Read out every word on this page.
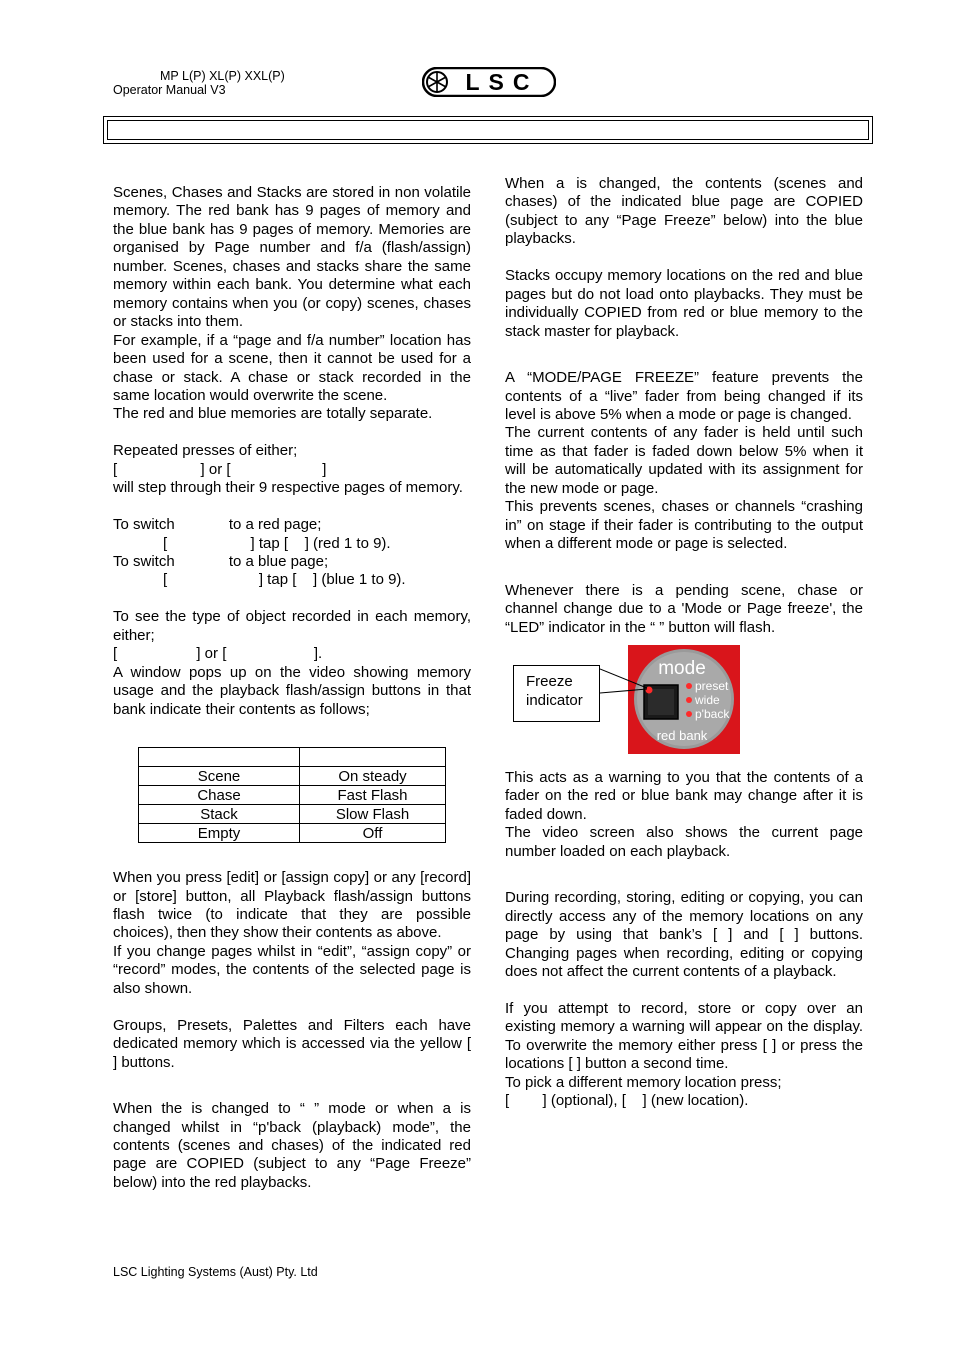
MP L(P) XL(P) XXL(P)
Operator Manual V3	LSC

Scenes, Chases and Stacks are stored in non volatile memory. The red bank has 9 pages of memory and the blue bank has 9 pages of memory. Memories are organised by Page number and f/a (flash/assign) number. Scenes, chases and stacks share the same memory within each bank. You determine what each memory contains when you (or copy) scenes, chases or stacks into them.

For example, if a “page and f/a number” location has been used for a scene, then it cannot be used for a chase or stack. A chase or stack recorded in the same location would overwrite the scene.

The red and blue memories are totally separate.

Repeated presses of either;

[                    ] or [                      ]

will step through their 9 respective pages of memory.

To switch             to a red page;

[                    ] tap [    ] (red 1 to 9).

To switch             to a blue page;

[                      ] tap [    ] (blue 1 to 9).

To see the type of object recorded in each memory, either;

[                   ] or [                     ].

A window pops up on the video showing memory usage and the playback flash/assign buttons in that bank indicate their contents as follows;

Scene	On steady
Chase	Fast Flash
Stack	Slow Flash
Empty	Off

When you press [edit] or [assign copy] or any [record] or [store] button, all Playback flash/assign buttons flash twice (to indicate that they are possible choices), then they show their contents as above.

If you change pages whilst in “edit”, “assign copy” or “record” modes, the contents of the selected page is also shown.

Groups, Presets, Palettes and Filters each have dedicated memory which is accessed via the yellow [ ] buttons.

When the is changed to “ ” mode or when a is changed whilst in “p'back (playback) mode”, the contents (scenes and chases) of the indicated red page are COPIED (subject to any “Page Freeze” below) into the red playbacks.

When a is changed, the contents (scenes and chases) of the indicated blue page are COPIED (subject to any “Page Freeze” below) into the blue playbacks.

Stacks occupy memory locations on the red and blue pages but do not load onto playbacks. They must be individually COPIED from red or blue memory to the stack master for playback.

A “MODE/PAGE FREEZE” feature prevents the contents of a “live” fader from being changed if its level is above 5% when a mode or page is changed.

The current contents of any fader is held until such time as that fader is faded down below 5% when it will be automatically updated with its assignment for the new mode or page.

This prevents scenes, chases or channels “crashing in” on stage if their fader is contributing to the output when a different mode or page is selected.

Whenever there is a pending scene, chase or channel change due to a 'Mode or Page freeze', the “LED” indicator in the “ ” button will flash.

mode
preset
wide
p'back
red bank
Freeze
indicator

This acts as a warning to you that the contents of a fader on the red or blue bank may change after it is faded down.

The video screen also shows the current page number loaded on each playback.

During recording, storing, editing or copying, you can directly access any of the memory locations on any page by using that bank’s [ ] and [ ] buttons. Changing pages when recording, editing or copying does not affect the current contents of a playback.

If you attempt to record, store or copy over an existing memory a warning will appear on the display. To overwrite the memory either press [ ] or press the locations [ ] button a second time.

To pick a different memory location press;

[        ] (optional), [    ] (new location).

LSC Lighting Systems (Aust) Pty. Ltd
